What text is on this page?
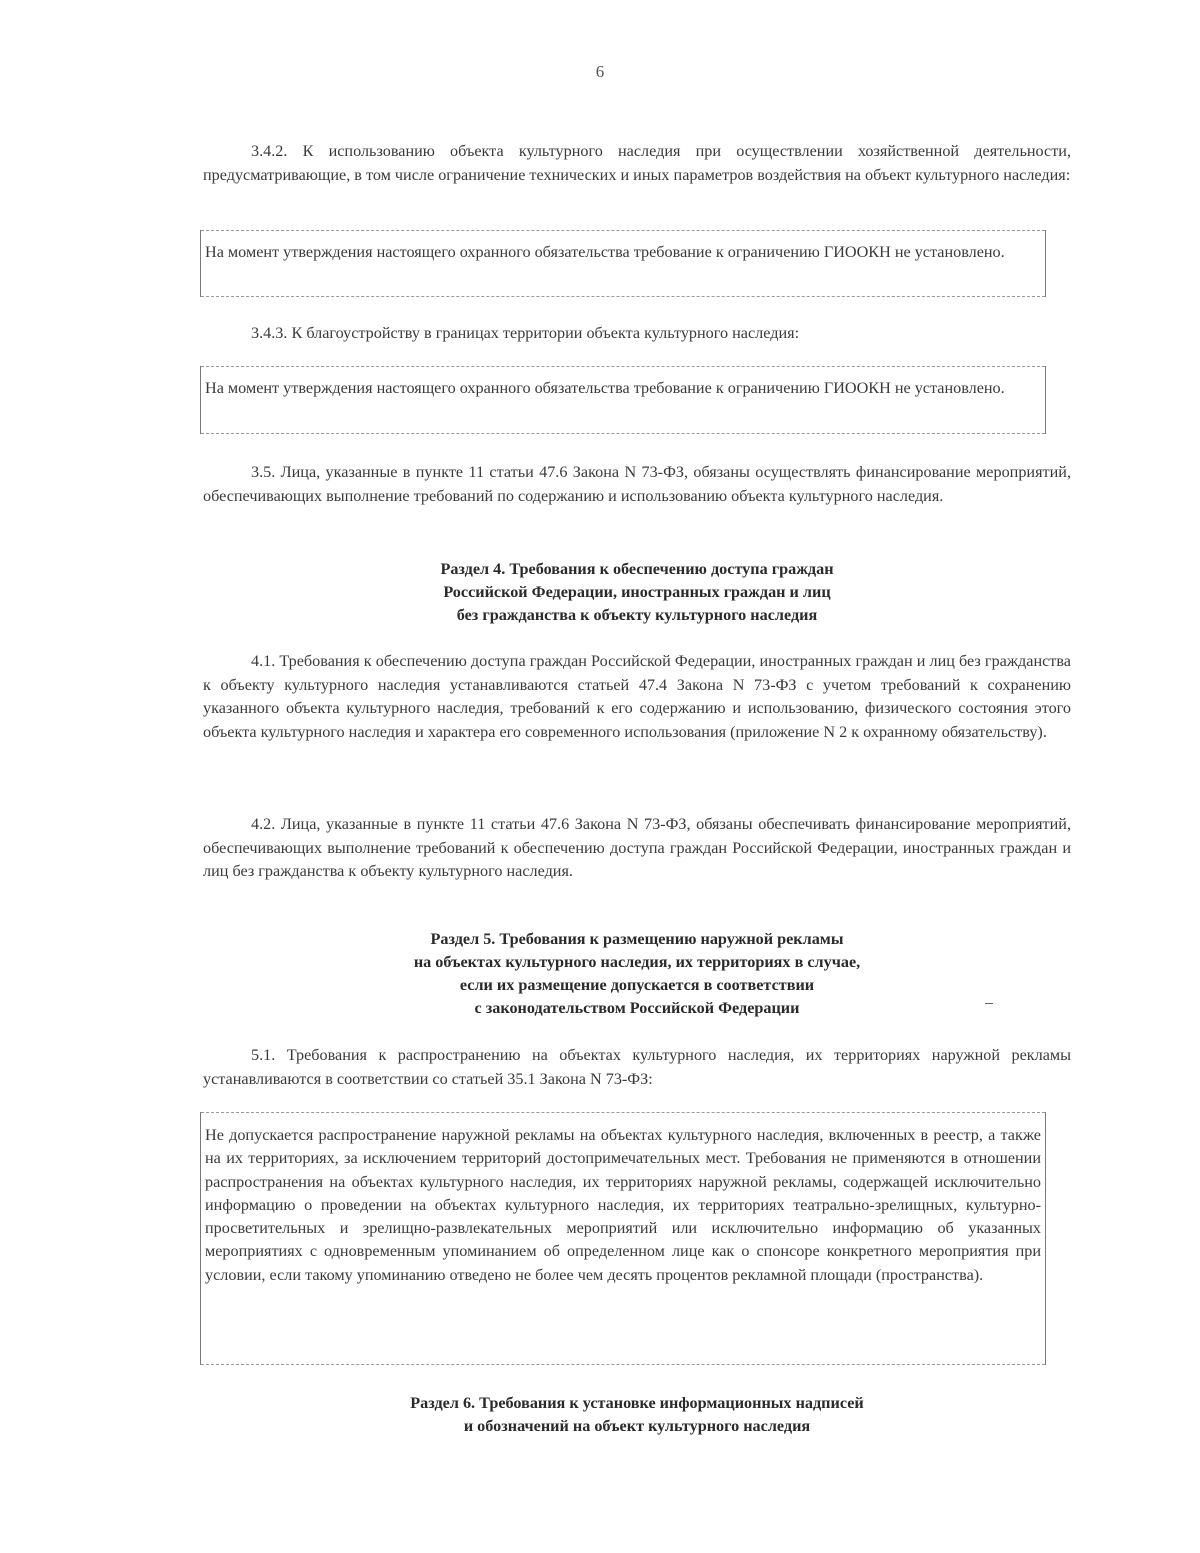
6
3.4.2. К использованию объекта культурного наследия при осуществлении хозяйственной деятельности, предусматривающие, в том числе ограничение технических и иных параметров воздействия на объект культурного наследия:
На момент утверждения настоящего охранного обязательства требование к ограничению ГИООКН не установлено.
3.4.3. К благоустройству в границах территории объекта культурного наследия:
На момент утверждения настоящего охранного обязательства требование к ограничению ГИООКН не установлено.
3.5. Лица, указанные в пункте 11 статьи 47.6 Закона N 73-ФЗ, обязаны осуществлять финансирование мероприятий, обеспечивающих выполнение требований по содержанию и использованию объекта культурного наследия.
Раздел 4. Требования к обеспечению доступа граждан
Российской Федерации, иностранных граждан и лиц
без гражданства к объекту культурного наследия
4.1. Требования к обеспечению доступа граждан Российской Федерации, иностранных граждан и лиц без гражданства к объекту культурного наследия устанавливаются статьей 47.4 Закона N 73-ФЗ с учетом требований к сохранению указанного объекта культурного наследия, требований к его содержанию и использованию, физического состояния этого объекта культурного наследия и характера его современного использования (приложение N 2 к охранному обязательству).
4.2. Лица, указанные в пункте 11 статьи 47.6 Закона N 73-ФЗ, обязаны обеспечивать финансирование мероприятий, обеспечивающих выполнение требований к обеспечению доступа граждан Российской Федерации, иностранных граждан и лиц без гражданства к объекту культурного наследия.
Раздел 5. Требования к размещению наружной рекламы
на объектах культурного наследия, их территориях в случае,
если их размещение допускается в соответствии
с законодательством Российской Федерации
5.1. Требования к распространению на объектах культурного наследия, их территориях наружной рекламы устанавливаются в соответствии со статьей 35.1 Закона N 73-ФЗ:
Не допускается распространение наружной рекламы на объектах культурного наследия, включенных в реестр, а также на их территориях, за исключением территорий достопримечательных мест. Требования не применяются в отношении распространения на объектах культурного наследия, их территориях наружной рекламы, содержащей исключительно информацию о проведении на объектах культурного наследия, их территориях театрально-зрелищных, культурно-просветительных и зрелищно-развлекательных мероприятий или исключительно информацию об указанных мероприятиях с одновременным упоминанием об определенном лице как о спонсоре конкретного мероприятия при условии, если такому упоминанию отведено не более чем десять процентов рекламной площади (пространства).
Раздел 6. Требования к установке информационных надписей
и обозначений на объект культурного наследия
